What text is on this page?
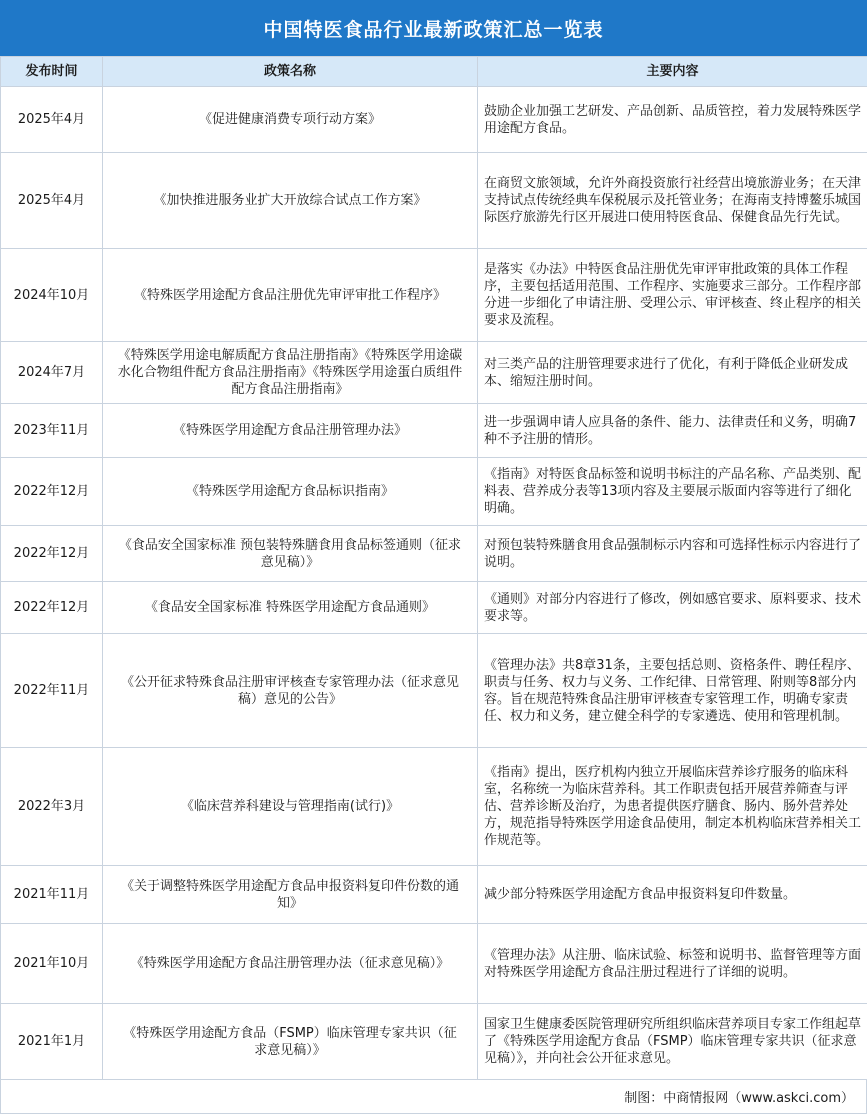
中国特医食品行业最新政策汇总一览表
发布时间	政策名称	主要内容
2025年4月	《促进健康消费专项行动方案》	鼓励企业加强工艺研发、产品创新、品质管控，着力发展特殊医学用途配方食品。
2025年4月	《加快推进服务业扩大开放综合试点工作方案》	在商贸文旅领域，允许外商投资旅行社经营出境旅游业务；在天津支持试点传统经典车保税展示及托管业务；在海南支持博鳌乐城国际医疗旅游先行区开展进口使用特医食品、保健食品先行先试。
2024年10月	《特殊医学用途配方食品注册优先审评审批工作程序》	是落实《办法》中特医食品注册优先审评审批政策的具体工作程序，主要包括适用范围、工作程序、实施要求三部分。工作程序部分进一步细化了申请注册、受理公示、审评核查、终止程序的相关要求及流程。
2024年7月	《特殊医学用途电解质配方食品注册指南》《特殊医学用途碳水化合物组件配方食品注册指南》《特殊医学用途蛋白质组件配方食品注册指南》	对三类产品的注册管理要求进行了优化，有利于降低企业研发成本、缩短注册时间。
2023年11月	《特殊医学用途配方食品注册管理办法》	进一步强调申请人应具备的条件、能力、法律责任和义务，明确7种不予注册的情形。
2022年12月	《特殊医学用途配方食品标识指南》	《指南》对特医食品标签和说明书标注的产品名称、产品类别、配料表、营养成分表等13项内容及主要展示版面内容等进行了细化明确。
2022年12月	《食品安全国家标准 预包装特殊膳食用食品标签通则（征求意见稿）》	对预包装特殊膳食用食品强制标示内容和可选择性标示内容进行了说明。
2022年12月	《食品安全国家标准 特殊医学用途配方食品通则》	《通则》对部分内容进行了修改，例如感官要求、原料要求、技术要求等。
2022年11月	《公开征求特殊食品注册审评核查专家管理办法（征求意见稿）意见的公告》	《管理办法》共8章31条，主要包括总则、资格条件、聘任程序、职责与任务、权力与义务、工作纪律、日常管理、附则等8部分内容。旨在规范特殊食品注册审评核查专家管理工作，明确专家责任、权力和义务，建立健全科学的专家遴选、使用和管理机制。
2022年3月	《临床营养科建设与管理指南(试行)》	《指南》提出，医疗机构内独立开展临床营养诊疗服务的临床科室，名称统一为临床营养科。其工作职责包括开展营养筛查与评估、营养诊断及治疗，为患者提供医疗膳食、肠内、肠外营养处方，规范指导特殊医学用途食品使用，制定本机构临床营养相关工作规范等。
2021年11月	《关于调整特殊医学用途配方食品申报资料复印件份数的通知》	减少部分特殊医学用途配方食品申报资料复印件数量。
2021年10月	《特殊医学用途配方食品注册管理办法（征求意见稿）》	《管理办法》从注册、临床试验、标签和说明书、监督管理等方面对特殊医学用途配方食品注册过程进行了详细的说明。
2021年1月	《特殊医学用途配方食品（FSMP）临床管理专家共识（征求意见稿）》	国家卫生健康委医院管理研究所组织临床营养项目专家工作组起草了《特殊医学用途配方食品（FSMP）临床管理专家共识（征求意见稿）》，并向社会公开征求意见。
制图：中商情报网（www.askci.com）
